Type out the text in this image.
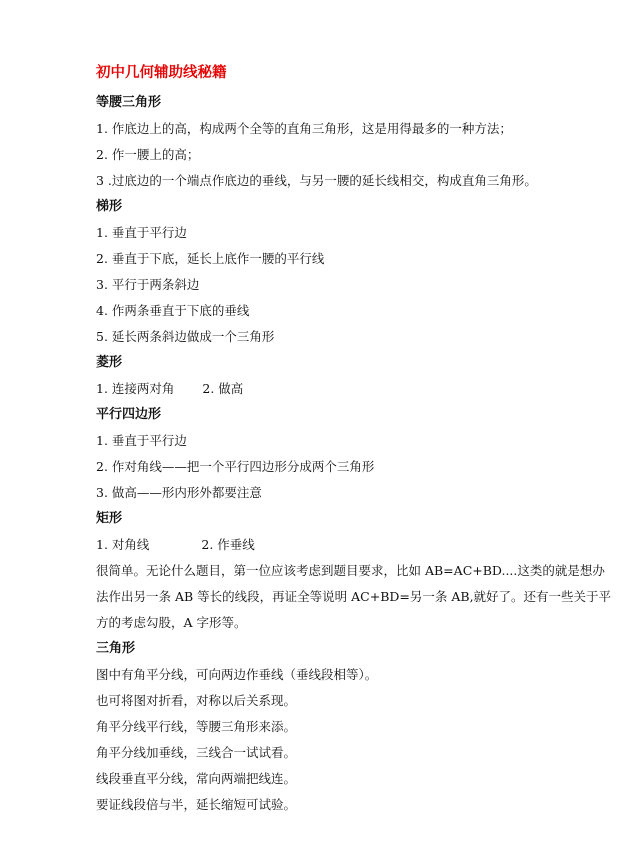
初中几何辅助线秘籍
等腰三角形
1. 作底边上的高，构成两个全等的直角三角形，这是用得最多的一种方法；
2. 作一腰上的高；
3 .过底边的一个端点作底边的垂线，与另一腰的延长线相交，构成直角三角形。
梯形
1. 垂直于平行边
2. 垂直于下底，延长上底作一腰的平行线
3. 平行于两条斜边
4. 作两条垂直于下底的垂线
5. 延长两条斜边做成一个三角形
菱形
1. 连接两对角 2. 做高
平行四边形
1. 垂直于平行边
2. 作对角线——把一个平行四边形分成两个三角形
3. 做高——形内形外都要注意
矩形
1. 对角线	2. 作垂线
很简单。无论什么题目，第一位应该考虑到题目要求，比如 AB=AC+BD....这类的就是想办法作出另一条 AB 等长的线段，再证全等说明 AC+BD=另一条 AB,就好了。还有一些关于平方的考虑勾股，A 字形等。
三角形
图中有角平分线，可向两边作垂线（垂线段相等）。
也可将图对折看，对称以后关系现。
角平分线平行线，等腰三角形来添。
角平分线加垂线，三线合一试试看。
线段垂直平分线，常向两端把线连。
要证线段倍与半，延长缩短可试验。
